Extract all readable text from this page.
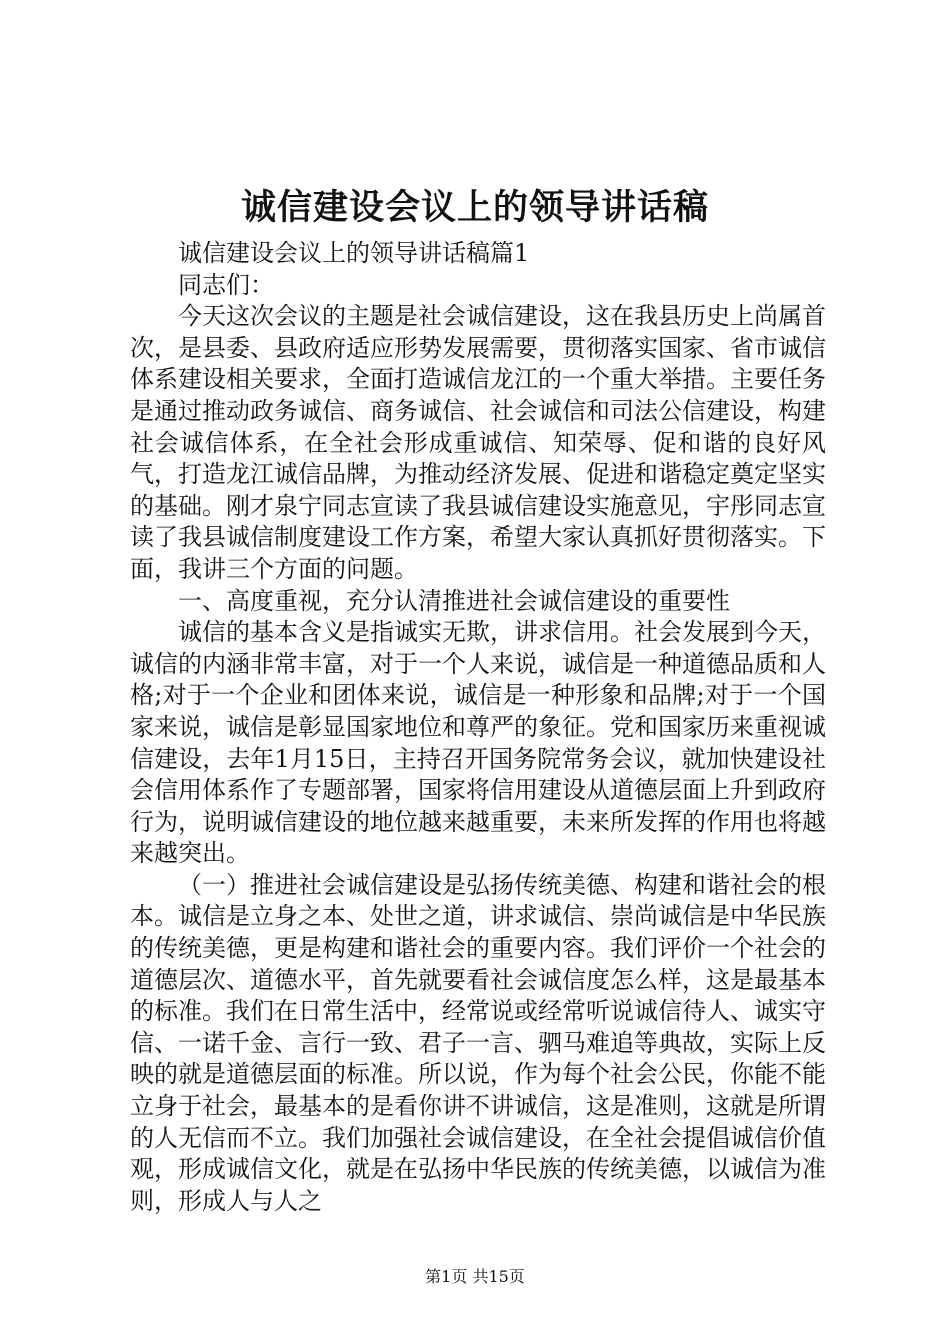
诚信建设会议上的领导讲话稿

诚信建设会议上的领导讲话稿篇1

同志们：

今天这次会议的主题是社会诚信建设，这在我县历史上尚属首次，是县委、县政府适应形势发展需要，贯彻落实国家、省市诚信体系建设相关要求，全面打造诚信龙江的一个重大举措。主要任务是通过推动政务诚信、商务诚信、社会诚信和司法公信建设，构建社会诚信体系，在全社会形成重诚信、知荣辱、促和谐的良好风气，打造龙江诚信品牌，为推动经济发展、促进和谐稳定奠定坚实的基础。刚才泉宁同志宣读了我县诚信建设实施意见，宇彤同志宣读了我县诚信制度建设工作方案，希望大家认真抓好贯彻落实。下面，我讲三个方面的问题。

一、高度重视，充分认清推进社会诚信建设的重要性

诚信的基本含义是指诚实无欺，讲求信用。社会发展到今天，诚信的内涵非常丰富，对于一个人来说，诚信是一种道德品质和人格;对于一个企业和团体来说，诚信是一种形象和品牌;对于一个国家来说，诚信是彰显国家地位和尊严的象征。党和国家历来重视诚信建设，去年1月15日，主持召开国务院常务会议，就加快建设社会信用体系作了专题部署，国家将信用建设从道德层面上升到政府行为，说明诚信建设的地位越来越重要，未来所发挥的作用也将越来越突出。

（一）推进社会诚信建设是弘扬传统美德、构建和谐社会的根本。诚信是立身之本、处世之道，讲求诚信、崇尚诚信是中华民族的传统美德，更是构建和谐社会的重要内容。我们评价一个社会的道德层次、道德水平，首先就要看社会诚信度怎么样，这是最基本的标准。我们在日常生活中，经常说或经常听说诚信待人、诚实守信、一诺千金、言行一致、君子一言、驷马难追等典故，实际上反映的就是道德层面的标准。所以说，作为每个社会公民，你能不能立身于社会，最基本的是看你讲不讲诚信，这是准则，这就是所谓的人无信而不立。我们加强社会诚信建设，在全社会提倡诚信价值观，形成诚信文化，就是在弘扬中华民族的传统美德，以诚信为准则，形成人与人之

第1页 共15页
